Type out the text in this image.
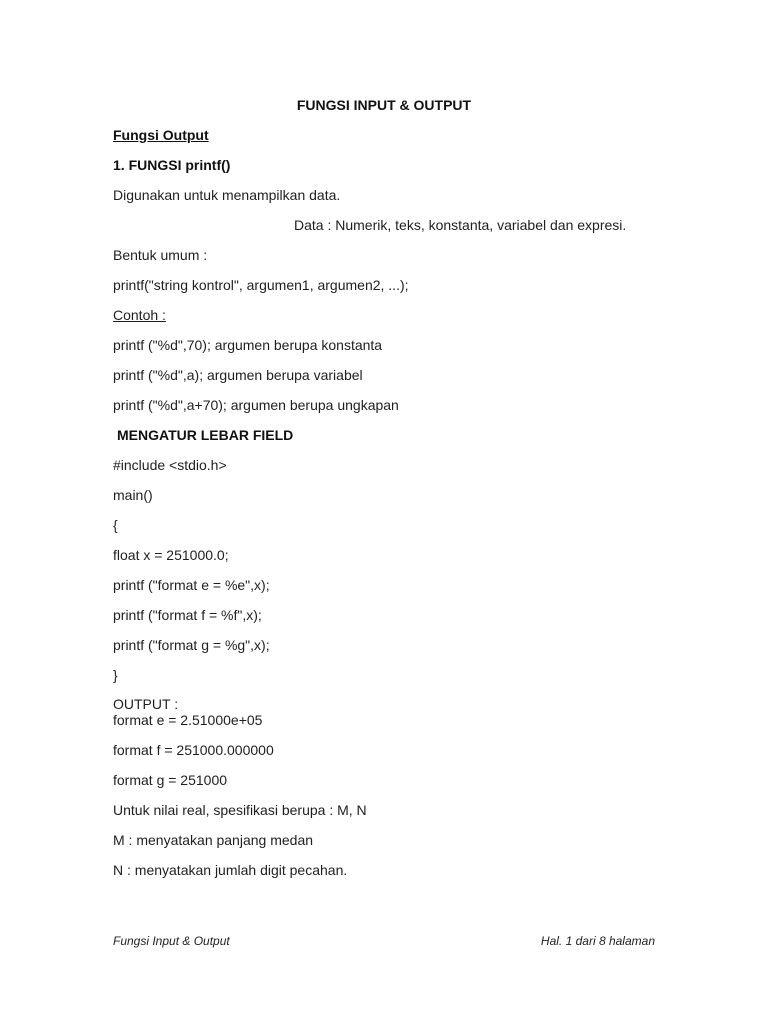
FUNGSI INPUT & OUTPUT
Fungsi Output
1. FUNGSI printf()
Digunakan untuk menampilkan data.
Data : Numerik, teks, konstanta, variabel dan expresi.
Bentuk umum :
printf("string kontrol", argumen1, argumen2, ...);
Contoh :
printf ("%d",70); argumen berupa konstanta
printf ("%d",a); argumen berupa variabel
printf ("%d",a+70); argumen berupa ungkapan
MENGATUR LEBAR FIELD
#include <stdio.h>
main()
{
float x = 251000.0;
printf ("format e = %e",x);
printf ("format f = %f",x);
printf ("format g = %g",x);
}
OUTPUT :
format e = 2.51000e+05
format f = 251000.000000
format g = 251000
Untuk nilai real, spesifikasi berupa : M, N
M : menyatakan panjang medan
N : menyatakan jumlah digit pecahan.
Fungsi Input & Output	Hal. 1 dari 8 halaman
